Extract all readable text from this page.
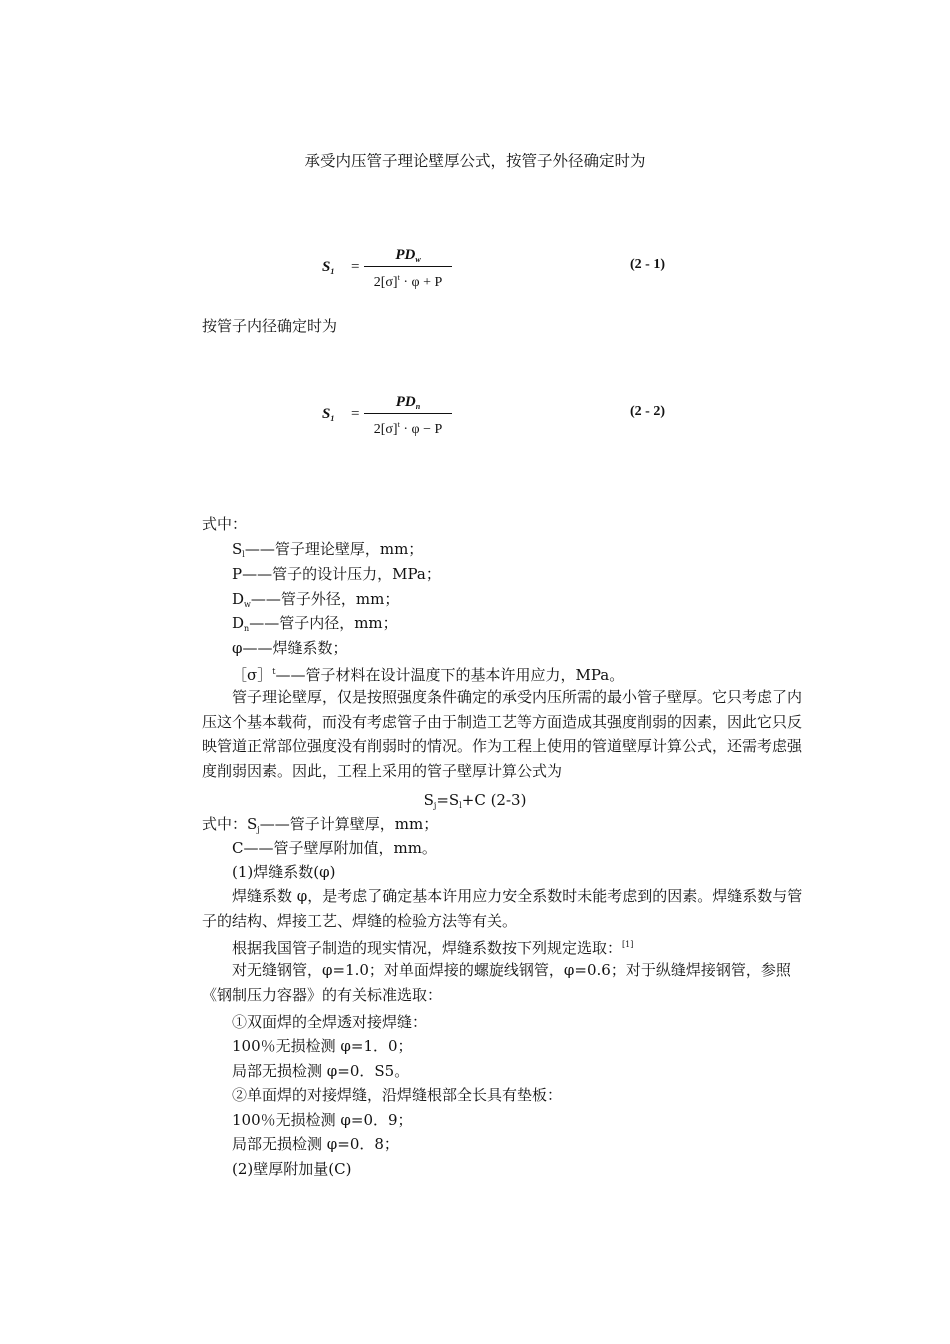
承受内压管子理论壁厚公式，按管子外径确定时为
$S_1$ =
$PD_w$
$2[\sigma]^t \cdot \varphi + P$
(2 - 1)
按管子内径确定时为
$S_1$ =
$PD_n$
$2[\sigma]^t \cdot \varphi - P$
(2 - 2)
式中：
$S_l——$管子理论壁厚，mm；
P——管子的设计压力，MPa；
$D_w——$管子外径，mm；
$D_n——$管子内径，mm；
φ——焊缝系数；
［σ］$^t$——管子材料在设计温度下的基本许用应力，MPa。
管子理论壁厚，仅是按照强度条件确定的承受内压所需的最小管子壁厚。它只考虑了内压这个基本载荷，而没有考虑管子由于制造工艺等方面造成其强度削弱的因素，因此它只反映管道正常部位强度没有削弱时的情况。作为工程上使用的管道壁厚计算公式，还需考虑强度削弱因素。因此，工程上采用的管子壁厚计算公式为
$S_j=S_l+C$ (2-3)
式中：$S_j——$管子计算壁厚，mm；
C——管子壁厚附加值，mm。
(1)焊缝系数(φ)
焊缝系数 φ，是考虑了确定基本许用应力安全系数时未能考虑到的因素。焊缝系数与管子的结构、焊接工艺、焊缝的检验方法等有关。
根据我国管子制造的现实情况，焊缝系数按下列规定选取：[1]
对无缝钢管，φ=1.0；对单面焊接的螺旋线钢管，φ=0.6；对于纵缝焊接钢管，参照《钢制压力容器》的有关标准选取：
①双面焊的全焊透对接焊缝：
100％无损检测 φ=1．0；
局部无损检测 φ=0．S5。
②单面焊的对接焊缝，沿焊缝根部全长具有垫板：
100％无损检测 φ=0．9；
局部无损检测 φ=0．8；
(2)壁厚附加量(C)
